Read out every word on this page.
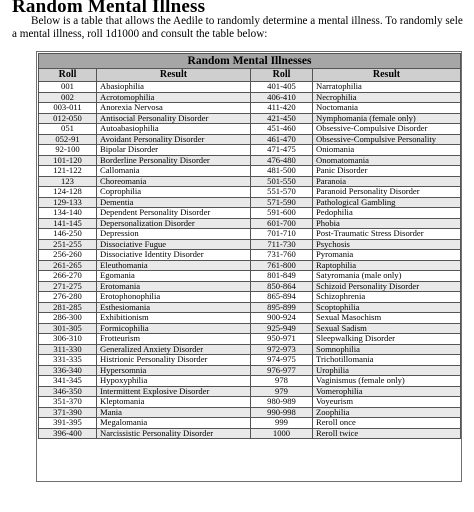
Random Mental Illness
Below is a table that allows the Aedile to randomly determine a mental illness. To randomly sele
a mental illness, roll 1d1000 and consult the table below:
Random Mental Illnesses			
Roll	Result	Roll	Result
001	Abasiophilia	401-405	Narratophilia
002	Acrotomophilia	406-410	Necrophilia
003-011	Anorexia Nervosa	411-420	Noctomania
012-050	Antisocial Personality Disorder	421-450	Nymphomania (female only)
051	Autoabasiophilia	451-460	Obsessive-Compulsive Disorder
052-91	Avoidant Personality Disorder	461-470	Obsessive-Compulsive Personality
92-100	Bipolar Disorder	471-475	Oniomania
101-120	Borderline Personality Disorder	476-480	Onomatomania
121-122	Callomania	481-500	Panic Disorder
123	Choreomania	501-550	Paranoia
124-128	Coprophilia	551-570	Paranoid Personality Disorder
129-133	Dementia	571-590	Pathological Gambling
134-140	Dependent Personality Disorder	591-600	Pedophilia
141-145	Depersonalization Disorder	601-700	Phobia
146-250	Depression	701-710	Post-Traumatic Stress Disorder
251-255	Dissociative Fugue	711-730	Psychosis
256-260	Dissociative Identity Disorder	731-760	Pyromania
261-265	Eleuthomania	761-800	Raptophilia
266-270	Egomania	801-849	Satyromania (male only)
271-275	Erotomania	850-864	Schizoid Personality Disorder
276-280	Erotophonophilia	865-894	Schizophrenia
281-285	Esthesiomania	895-899	Scoptophilia
286-300	Exhibitionism	900-924	Sexual Masochism
301-305	Formicophilia	925-949	Sexual Sadism
306-310	Frotteurism	950-971	Sleepwalking Disorder
311-330	Generalized Anxiety Disorder	972-973	Somnophilia
331-335	Histrionic Personality Disorder	974-975	Trichotillomania
336-340	Hypersomnia	976-977	Urophilia
341-345	Hypoxyphilia	978	Vaginismus (female only)
346-350	Intermittent Explosive Disorder	979	Vomerophilia
351-370	Kleptomania	980-989	Voyeurism
371-390	Mania	990-998	Zoophilia
391-395	Megalomania	999	Reroll once
396-400	Narcissistic Personality Disorder	1000	Reroll twice
